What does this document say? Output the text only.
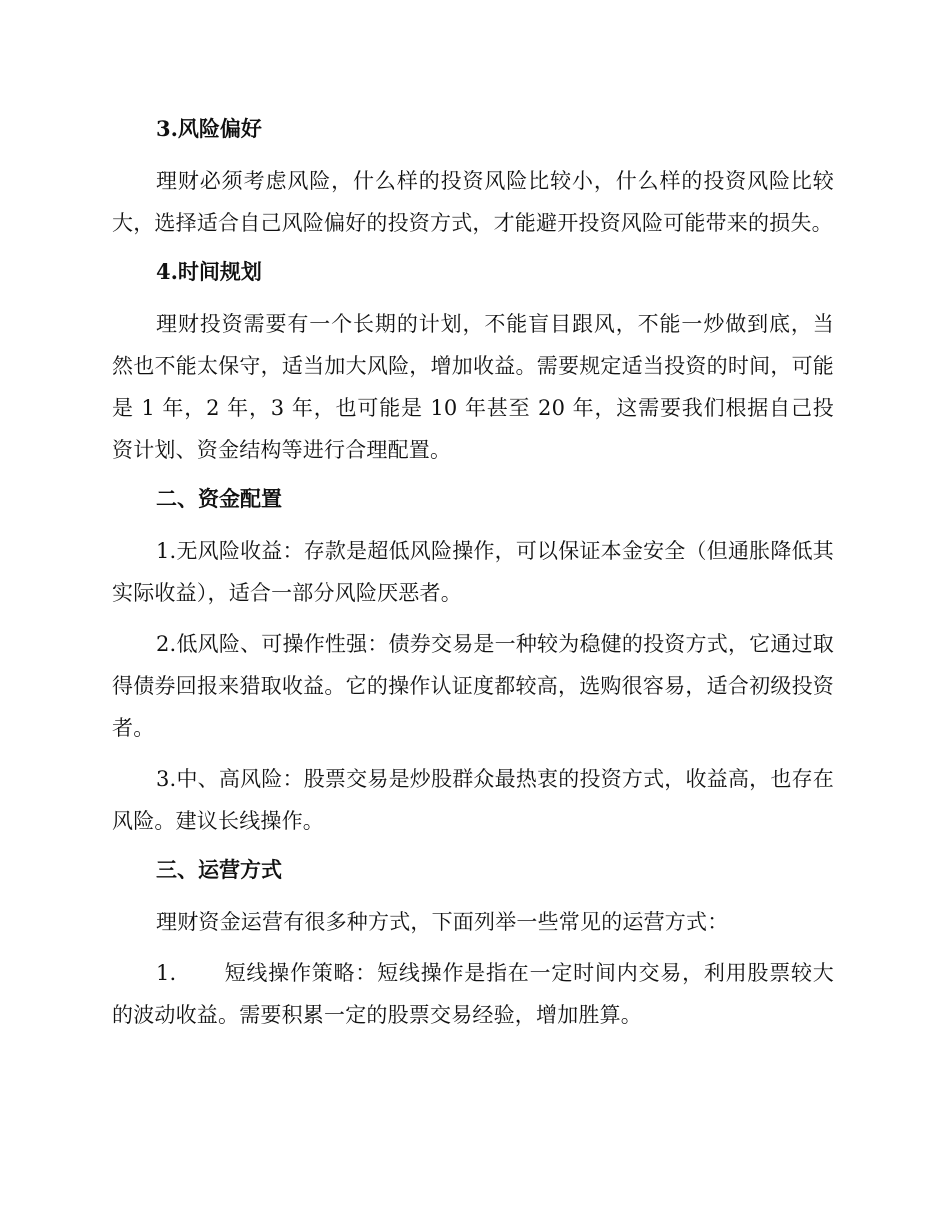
3.风险偏好

理财必须考虑风险，什么样的投资风险比较小，什么样的投资风险比较大，选择适合自己风险偏好的投资方式，才能避开投资风险可能带来的损失。

4.时间规划

理财投资需要有一个长期的计划，不能盲目跟风，不能一炒做到底，当然也不能太保守，适当加大风险，增加收益。需要规定适当投资的时间，可能是 1 年，2 年，3 年，也可能是 10 年甚至 20 年，这需要我们根据自己投资计划、资金结构等进行合理配置。

二、资金配置

1.无风险收益：存款是超低风险操作，可以保证本金安全（但通胀降低其实际收益），适合一部分风险厌恶者。

2.低风险、可操作性强：债券交易是一种较为稳健的投资方式，它通过取得债券回报来猎取收益。它的操作认证度都较高，选购很容易，适合初级投资者。

3.中、高风险：股票交易是炒股群众最热衷的投资方式，收益高，也存在风险。建议长线操作。

三、运营方式

理财资金运营有很多种方式，下面列举一些常见的运营方式：

1. 短线操作策略：短线操作是指在一定时间内交易，利用股票较大的波动收益。需要积累一定的股票交易经验，增加胜算。
